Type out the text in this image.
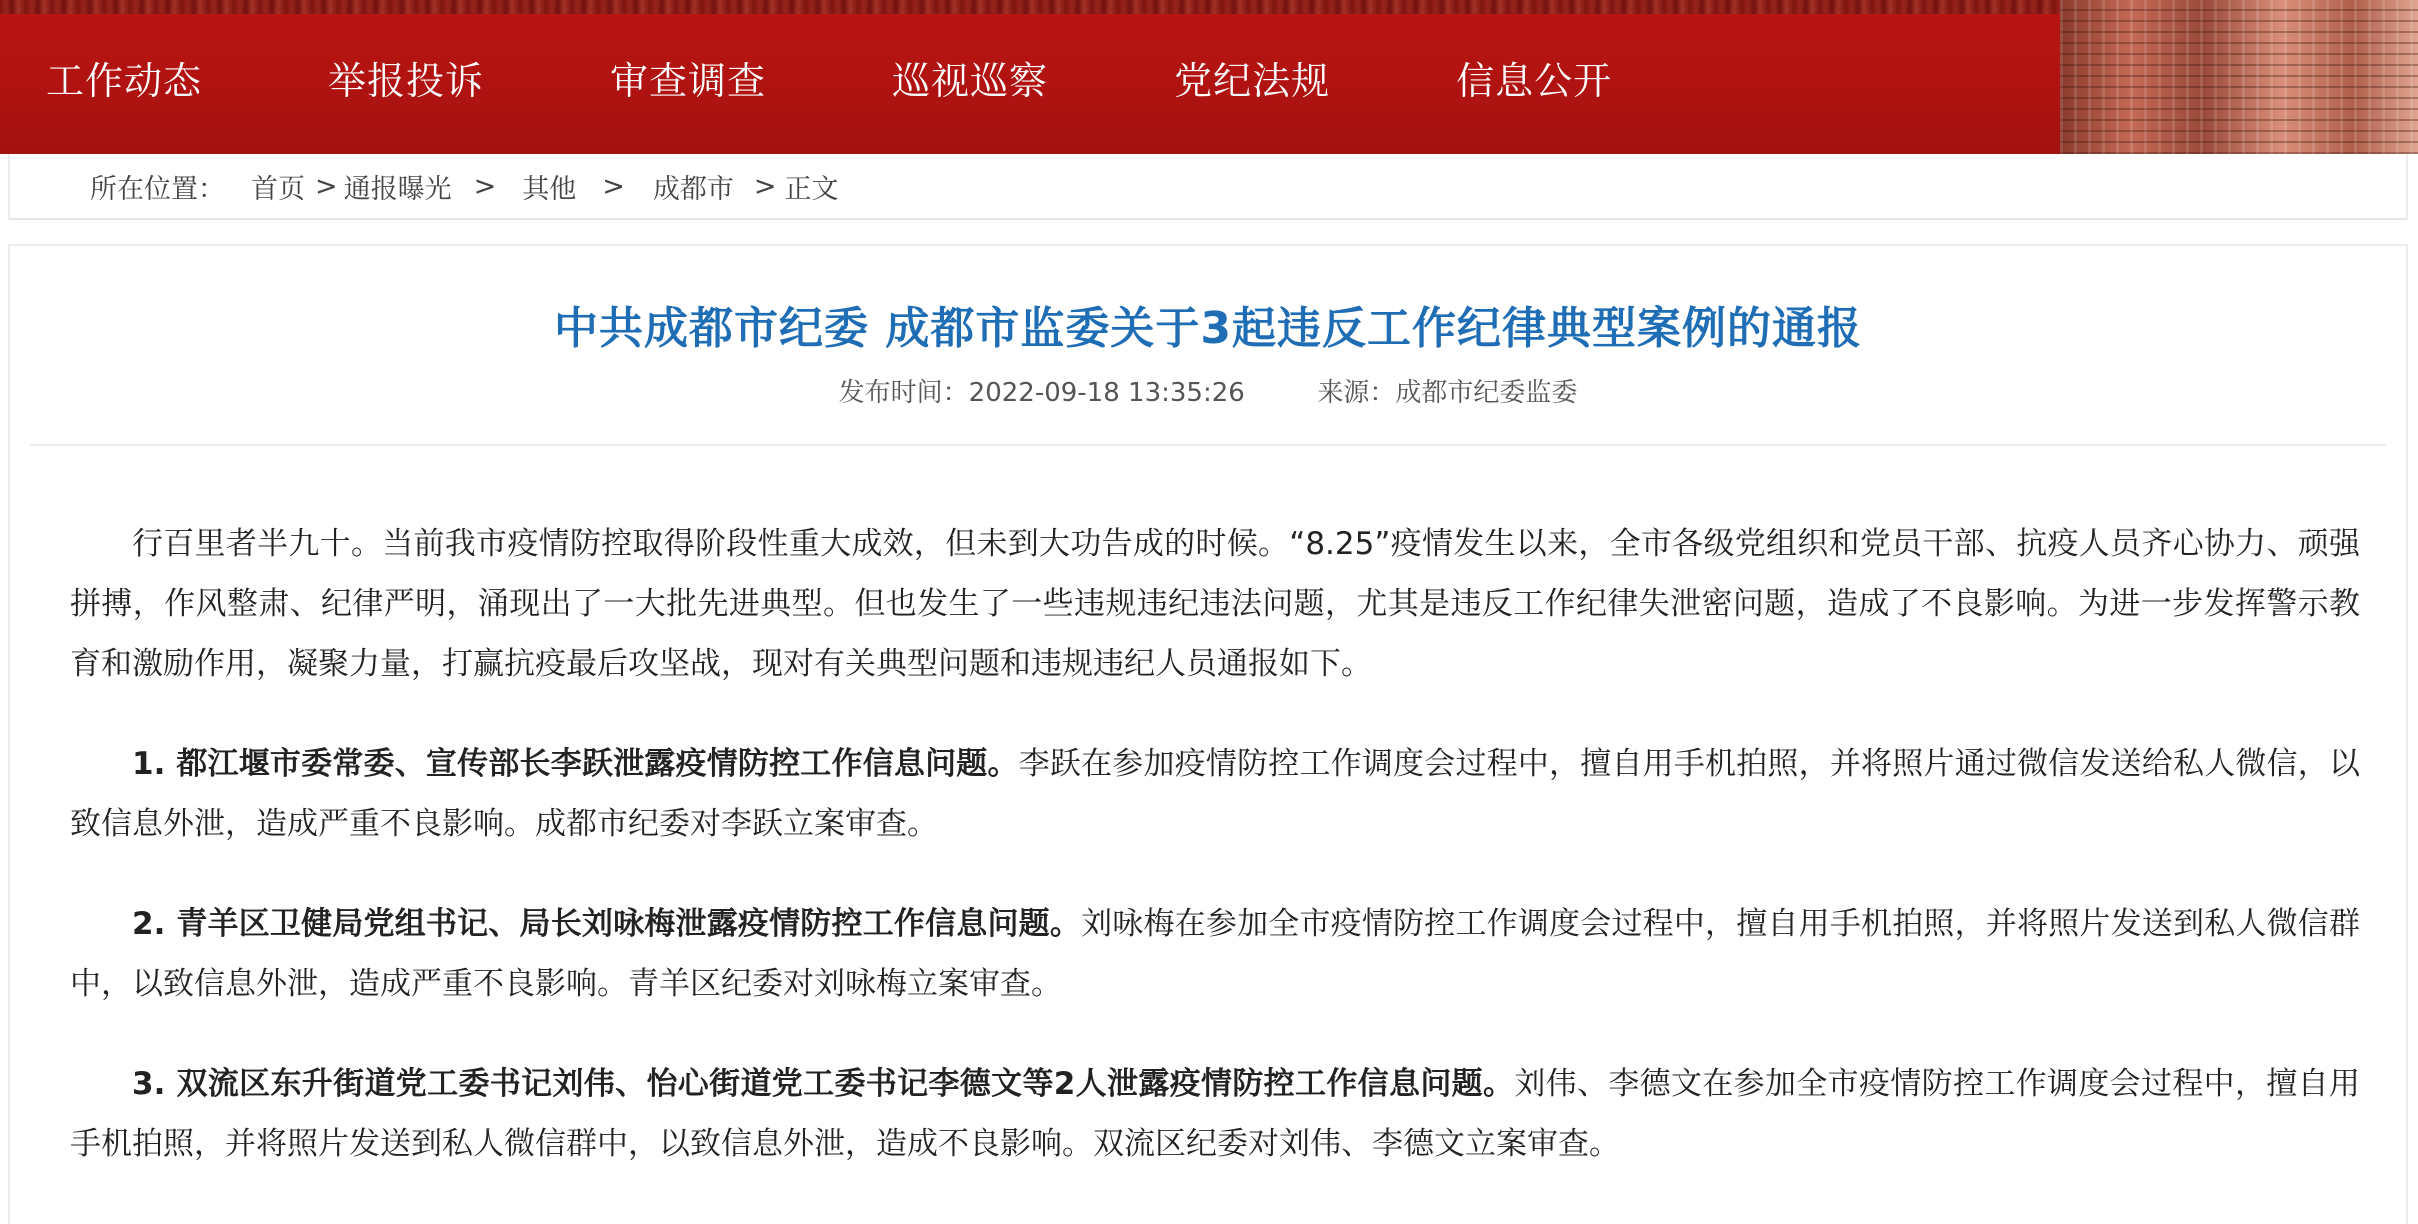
工作动态	举报投诉	审查调查	巡视巡察	党纪法规	信息公开
所在位置： 首页 > 通报曝光 > 其他 > 成都市 > 正文
中共成都市纪委 成都市监委关于3起违反工作纪律典型案例的通报
发布时间：2022-09-18 13:35:26	来源：成都市纪委监委

行百里者半九十。当前我市疫情防控取得阶段性重大成效，但未到大功告成的时候。“8.25”疫情发生以来，全市各级党组织和党员干部、抗疫人员齐心协力、顽强拼搏，作风整肃、纪律严明，涌现出了一大批先进典型。但也发生了一些违规违纪违法问题，尤其是违反工作纪律失泄密问题，造成了不良影响。为进一步发挥警示教育和激励作用，凝聚力量，打赢抗疫最后攻坚战，现对有关典型问题和违规违纪人员通报如下。

1. 都江堰市委常委、宣传部长李跃泄露疫情防控工作信息问题。李跃在参加疫情防控工作调度会过程中，擅自用手机拍照，并将照片通过微信发送给私人微信，以致信息外泄，造成严重不良影响。成都市纪委对李跃立案审查。

2. 青羊区卫健局党组书记、局长刘咏梅泄露疫情防控工作信息问题。刘咏梅在参加全市疫情防控工作调度会过程中，擅自用手机拍照，并将照片发送到私人微信群中，以致信息外泄，造成严重不良影响。青羊区纪委对刘咏梅立案审查。

3. 双流区东升街道党工委书记刘伟、怡心街道党工委书记李德文等2人泄露疫情防控工作信息问题。刘伟、李德文在参加全市疫情防控工作调度会过程中，擅自用手机拍照，并将照片发送到私人微信群中，以致信息外泄，造成不良影响。双流区纪委对刘伟、李德文立案审查。
